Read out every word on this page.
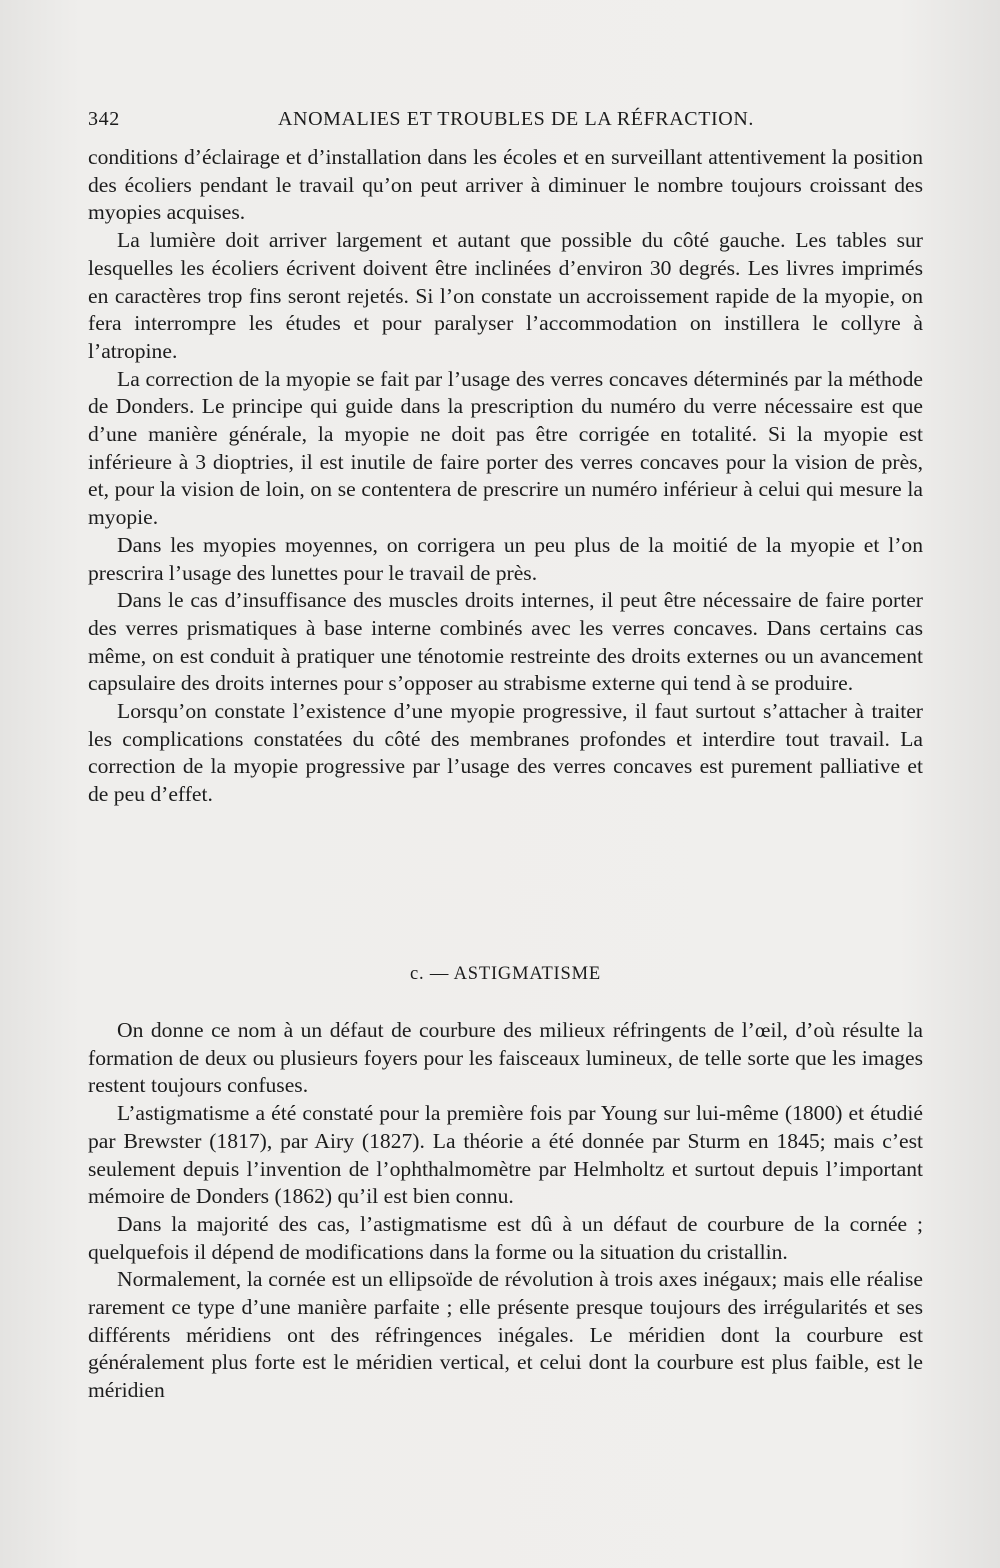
342	ANOMALIES ET TROUBLES DE LA RÉFRACTION.

conditions d’éclairage et d’installation dans les écoles et en surveillant attentivement la position des écoliers pendant le travail qu’on peut arriver à diminuer le nombre toujours croissant des myopies acquises.

La lumière doit arriver largement et autant que possible du côté gauche. Les tables sur lesquelles les écoliers écrivent doivent être inclinées d’environ 30 degrés. Les livres imprimés en caractères trop fins seront rejetés. Si l’on constate un accroissement rapide de la myopie, on fera interrompre les études et pour paralyser l’accommodation on instillera le collyre à l’atropine.

La correction de la myopie se fait par l’usage des verres concaves déterminés par la méthode de Donders. Le principe qui guide dans la prescription du numéro du verre nécessaire est que d’une manière générale, la myopie ne doit pas être corrigée en totalité. Si la myopie est inférieure à 3 dioptries, il est inutile de faire porter des verres concaves pour la vision de près, et, pour la vision de loin, on se contentera de prescrire un numéro inférieur à celui qui mesure la myopie.

Dans les myopies moyennes, on corrigera un peu plus de la moitié de la myopie et l’on prescrira l’usage des lunettes pour le travail de près.

Dans le cas d’insuffisance des muscles droits internes, il peut être nécessaire de faire porter des verres prismatiques à base interne combinés avec les verres concaves. Dans certains cas même, on est conduit à pratiquer une ténotomie restreinte des droits externes ou un avancement capsulaire des droits internes pour s’opposer au strabisme externe qui tend à se produire.

Lorsqu’on constate l’existence d’une myopie progressive, il faut surtout s’attacher à traiter les complications constatées du côté des membranes profondes et interdire tout travail. La correction de la myopie progressive par l’usage des verres concaves est purement palliative et de peu d’effet.

c. — ASTIGMATISME

On donne ce nom à un défaut de courbure des milieux réfringents de l’œil, d’où résulte la formation de deux ou plusieurs foyers pour les faisceaux lumineux, de telle sorte que les images restent toujours confuses.

L’astigmatisme a été constaté pour la première fois par Young sur lui-même (1800) et étudié par Brewster (1817), par Airy (1827). La théorie a été donnée par Sturm en 1845; mais c’est seulement depuis l’invention de l’ophthalmomètre par Helmholtz et surtout depuis l’important mémoire de Donders (1862) qu’il est bien connu.

Dans la majorité des cas, l’astigmatisme est dû à un défaut de courbure de la cornée ; quelquefois il dépend de modifications dans la forme ou la situation du cristallin.

Normalement, la cornée est un ellipsoïde de révolution à trois axes inégaux; mais elle réalise rarement ce type d’une manière parfaite ; elle présente presque toujours des irrégularités et ses différents méridiens ont des réfringences inégales. Le méridien dont la courbure est généralement plus forte est le méridien vertical, et celui dont la courbure est plus faible, est le méridien
